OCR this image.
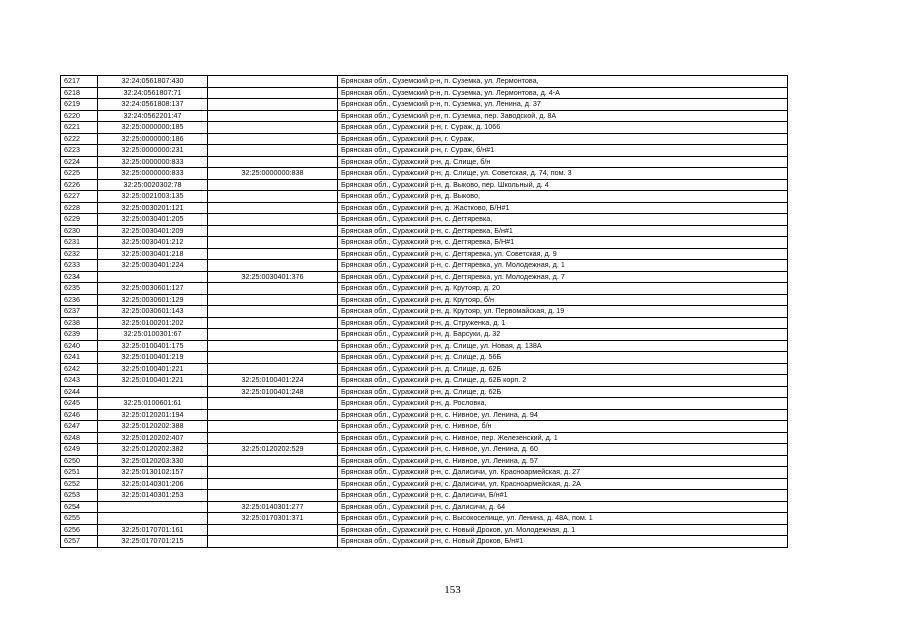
6217	32:24:0561807:430		Брянская обл., Суземский р-н, п. Суземка, ул. Лермонтова,
6218	32:24:0561807:71		Брянская обл., Суземский р-н, п. Суземка, ул. Лермонтова, д. 4-А
6219	32:24:0561808:137		Брянская обл., Суземский р-н, п. Суземка, ул. Ленина, д. 37
6220	32:24:0562201:47		Брянская обл., Суземский р-н, п. Суземка, пер. Заводской, д. 8А
6221	32:25:0000000:185		Брянская обл., Суражский р-н, г. Сураж, д. 1066
6222	32:25:0000000:186		Брянская обл., Суражский р-н, г. Сураж,
6223	32:25:0000000:231		Брянская обл., Суражский р-н, г. Сураж, б/н#1
6224	32:25:0000000:833		Брянская обл., Суражский р-н, д. Слище, б/н
6225	32:25:0000000:833	32:25:0000000:838	Брянская обл., Суражский р-н, д. Слище, ул. Советская, д. 74, пом. 3
6226	32:25:0020302:78		Брянская обл., Суражский р-н, д. Выково, пер. Школьный, д. 4
6227	32:25:0021003:135		Брянская обл., Суражский р-н, д. Выково,
6228	32:25:0030201:121		Брянская обл., Суражский р-н, д. Жастково, Б/Н#1
6229	32:25:0030401:205		Брянская обл., Суражский р-н, с. Дегтяревка,
6230	32:25:0030401:209		Брянская обл., Суражский р-н, с. Дегтяревка, Б/н#1
6231	32:25:0030401:212		Брянская обл., Суражский р-н, с. Дегтяревка, Б/Н#1
6232	32:25:0030401:218		Брянская обл., Суражский р-н, с. Дегтяревка, ул. Советская, д. 9
6233	32:25:0030401:224		Брянская обл., Суражский р-н, с. Дегтяревка, ул. Молодежная, д. 1
6234		32:25:0030401:376	Брянская обл., Суражский р-н, с. Дегтяревка, ул. Молодежная, д. 7
6235	32:25:0030601:127		Брянская обл., Суражский р-н, д. Крутояр, д. 20
6236	32:25:0030601:129		Брянская обл., Суражский р-н, д. Крутояр, б/н
6237	32:25:0030601:143		Брянская обл., Суражский р-н, д. Крутояр, ул. Первомайская, д. 19
6238	32:25:0100201:202		Брянская обл., Суражский р-н, д. Струженка, д. 1
6239	32:25:0100301:67		Брянская обл., Суражский р-н, д. Барсуки, д. 32
6240	32:25:0100401:175		Брянская обл., Суражский р-н, д. Слище, ул. Новая, д. 138А
6241	32:25:0100401:219		Брянская обл., Суражский р-н, д. Слище, д. 56Б
6242	32:25:0100401:221		Брянская обл., Суражский р-н, д. Слище, д. 62Б
6243	32:25:0100401:221	32:25:0100401:224	Брянская обл., Суражский р-н, д. Слище, д. 62Б корп. 2
6244		32:25:0100401:248	Брянская обл., Суражский р-н, д. Слище, д. 62Б
6245	32:25:0100601:61		Брянская обл., Суражский р-н, д. Рословка,
6246	32:25:0120201:194		Брянская обл., Суражский р-н, с. Нивное, ул. Ленина, д. 94
6247	32:25:0120202:388		Брянская обл., Суражский р-н, с. Нивное, б/н
6248	32:25:0120202:407		Брянская обл., Суражский р-н, с. Нивное, пер. Железенский, д. 1
6249	32:25:0120202:382	32:25:0120202:529	Брянская обл., Суражский р-н, с. Нивное, ул. Ленина, д. 60
6250	32:25:0120203:330		Брянская обл., Суражский р-н, с. Нивное, ул. Ленина, д. 57
6251	32:25:0130102:157		Брянская обл., Суражский р-н, с. Далисичи, ул. Красноармейская, д. 27
6252	32:25:0140301:206		Брянская обл., Суражский р-н, с. Далисичи, ул. Красноармейская, д. 2А
6253	32:25:0140301:253		Брянская обл., Суражский р-н, с. Далисичи, Б/н#1
6254		32:25:0140301:277	Брянская обл., Суражский р-н, с. Далисичи, д. 64
6255		32:25:0170301:371	Брянская обл., Суражский р-н, с. Высокоселище, ул. Ленина, д. 48А, пом. 1
6256	32:25:0170701:161		Брянская обл., Суражский р-н, с. Новый Дроков, ул. Молодежная, д. 1
6257	32:25:0170701:215		Брянская обл., Суражский р-н, с. Новый Дроков, Б/н#1
153
